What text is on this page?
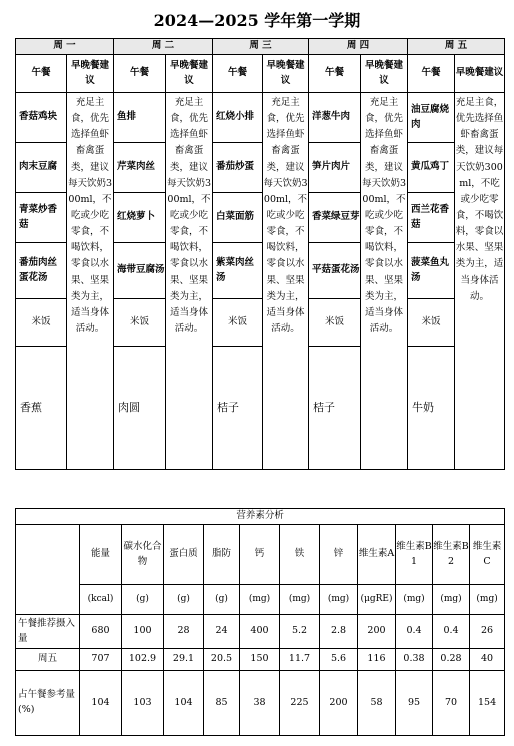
2024—2025 学年第一学期
周 一		周 二		周 三		周 四		周 五	
午餐	早晚餐建议	午餐	早晚餐建议	午餐	早晚餐建议	午餐	早晚餐建议	午餐	早晚餐建议
香菇鸡块	充足主食，优先选择鱼虾畜禽蛋类，建议每天饮奶300ml，不吃或少吃零食，不喝饮料，零食以水果、坚果类为主，适当身体活动。	鱼排	充足主食，优先选择鱼虾畜禽蛋类，建议每天饮奶300ml，不吃或少吃零食，不喝饮料，零食以水果、坚果类为主，适当身体活动。	红烧小排	充足主食，优先选择鱼虾畜禽蛋类，建议每天饮奶300ml，不吃或少吃零食，不喝饮料，零食以水果、坚果类为主，适当身体活动。	洋葱牛肉	充足主食，优先选择鱼虾畜禽蛋类，建议每天饮奶300ml，不吃或少吃零食，不喝饮料，零食以水果、坚果类为主，适当身体活动。	油豆腐烧肉	充足主食，优先选择鱼虾畜禽蛋类，建议每天饮奶300ml，不吃或少吃零食，不喝饮料，零食以水果、坚果类为主，适当身体活动。
肉末豆腐		芹菜肉丝		番茄炒蛋		笋片肉片		黄瓜鸡丁	
青菜炒香菇		红烧萝卜		白菜面筋		香菜绿豆芽		西兰花香菇	
番茄肉丝蛋花汤		海带豆腐汤		紫菜肉丝汤		平菇蛋花汤		菠菜鱼丸汤	
米饭		米饭		米饭		米饭		米饭	
香蕉		肉圆		桔子		桔子		牛奶	
营养素分析											
	能量	碳水化合物	蛋白质	脂防	钙	铁	锌	维生素A	维生素B1	维生素B2	维生素C
	(kcal)	(g)	(g)	(g)	(mg)	(mg)	(mg)	(μgRE)	(mg)	(mg)	(mg)
午餐推荐摄入量	680	100	28	24	400	5.2	2.8	200	0.4	0.4	26
周五	707	102.9	29.1	20.5	150	11.7	5.6	116	0.38	0.28	40
占午餐参考量(%)	104	103	104	85	38	225	200	58	95	70	154
